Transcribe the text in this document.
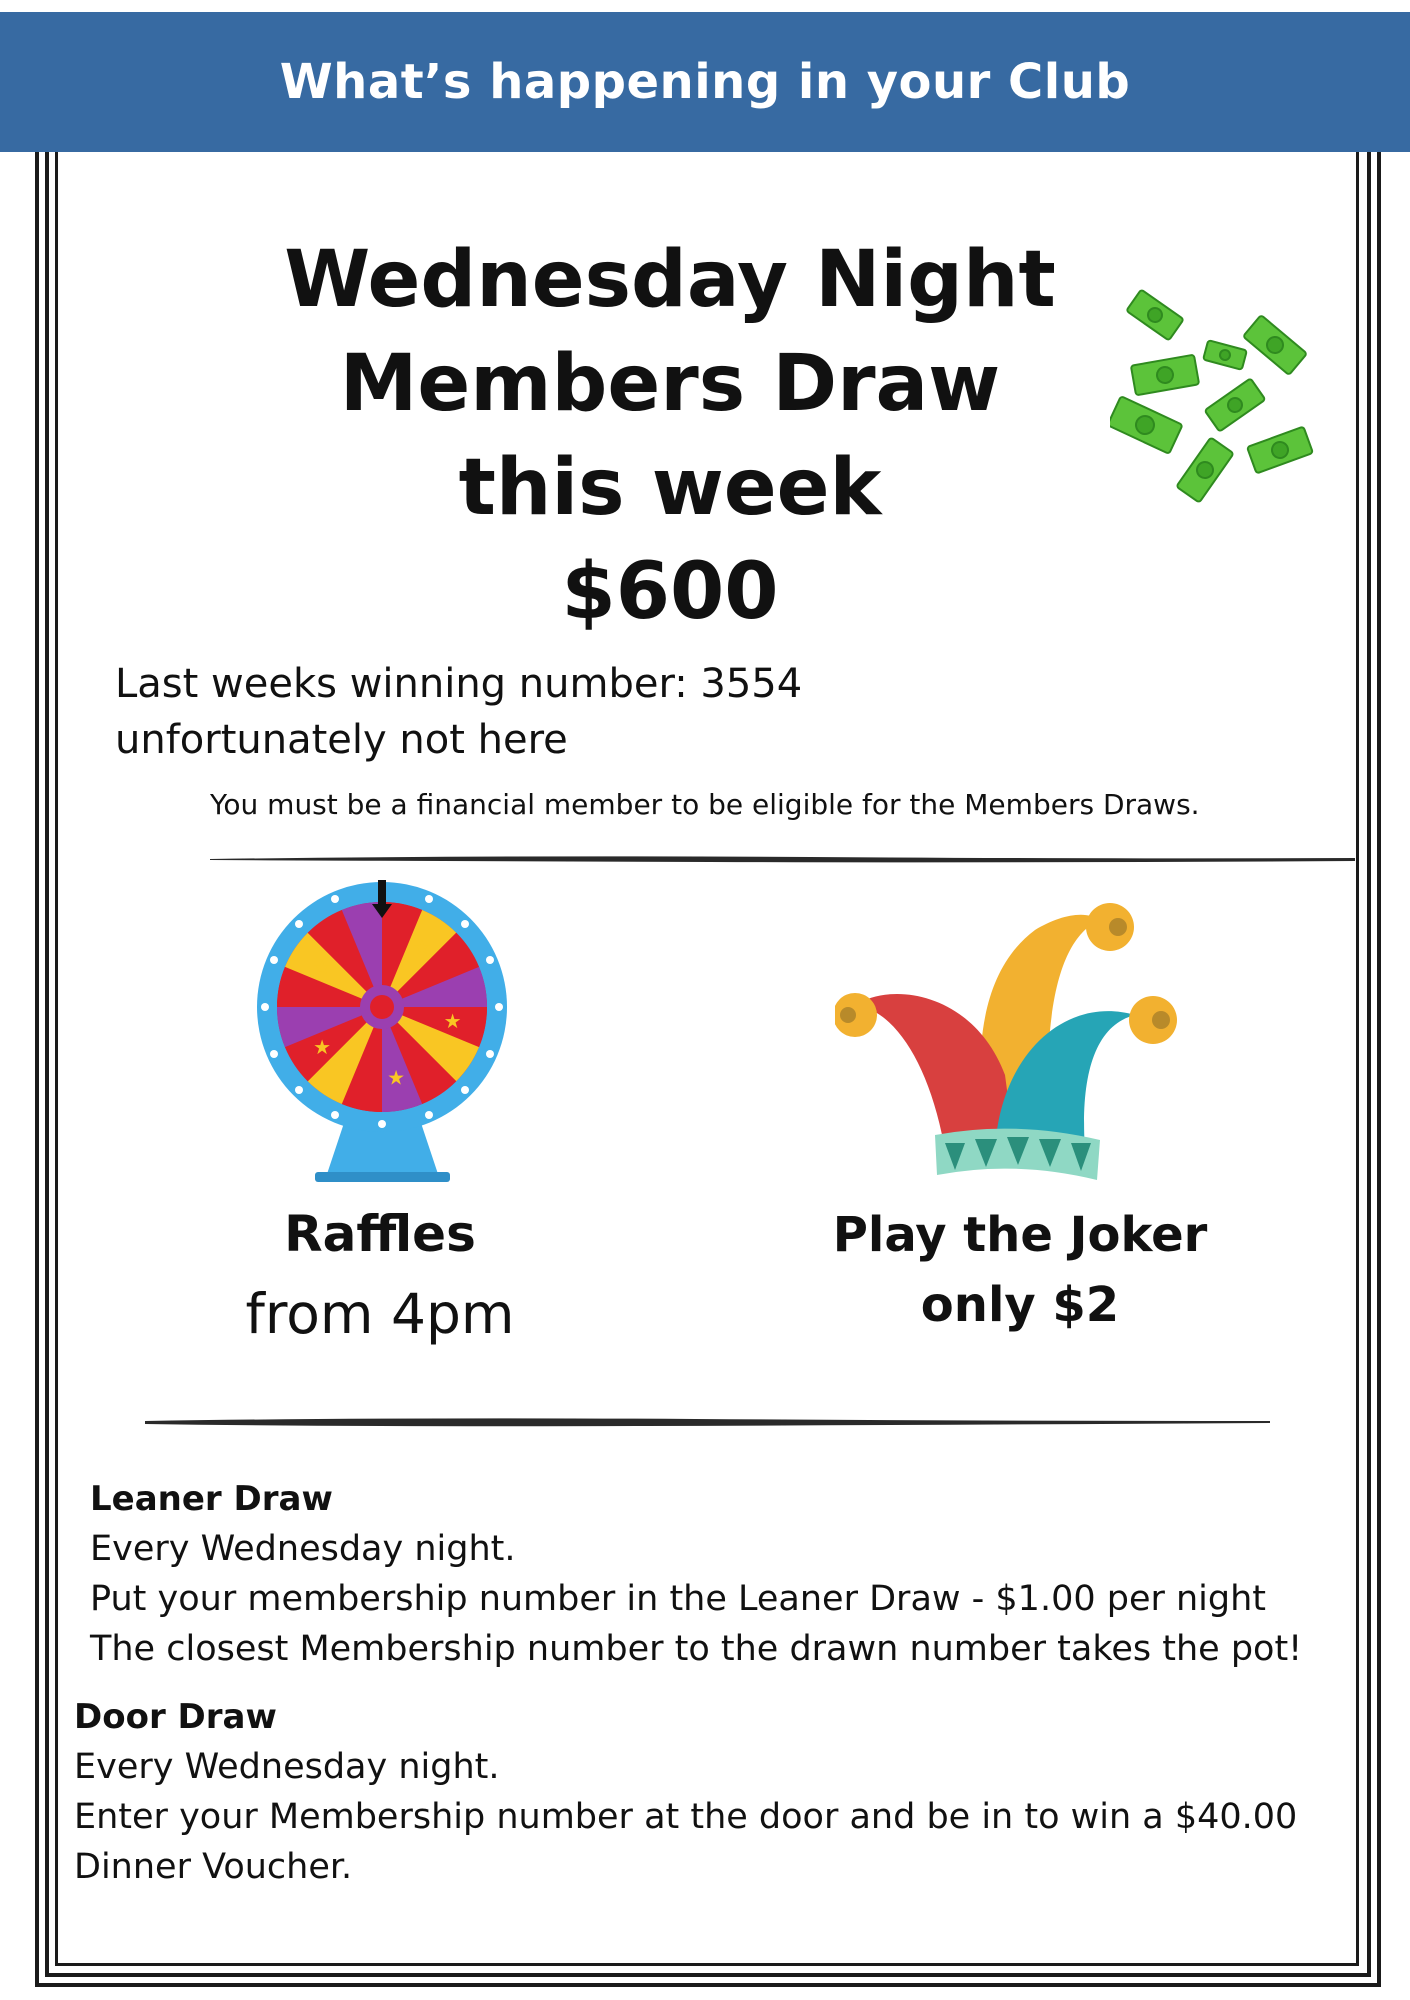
What’s happening in your Club
Wednesday Night
Members Draw
this week
$600
Last weeks winning number: 3554
unfortunately not here
You must be a financial member to be eligible for the Members Draws.
★
★
★
★
★
Raffles
from 4pm
Play the Joker
only $2
Leaner Draw
Every Wednesday night.
Put your membership number in the Leaner Draw - $1.00 per night
The closest Membership number to the drawn number takes the pot!
Door Draw
Every Wednesday night.
Enter your Membership number at the door and be in to win a $40.00
Dinner Voucher.
